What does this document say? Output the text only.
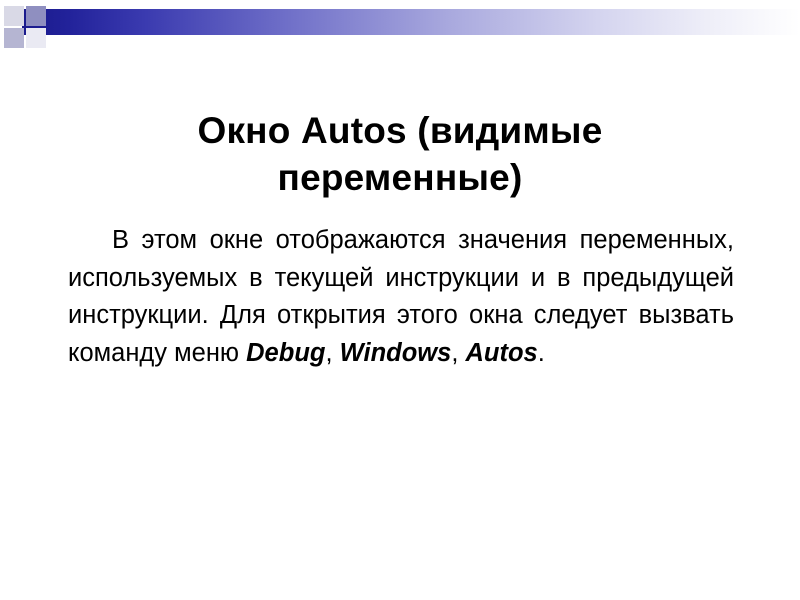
Окно Autos (видимые переменные)
В этом окне отображаются значения переменных, используемых в текущей инструкции и в предыдущей инструкции. Для открытия этого окна следует вызвать команду меню Debug, Windows, Autos.
